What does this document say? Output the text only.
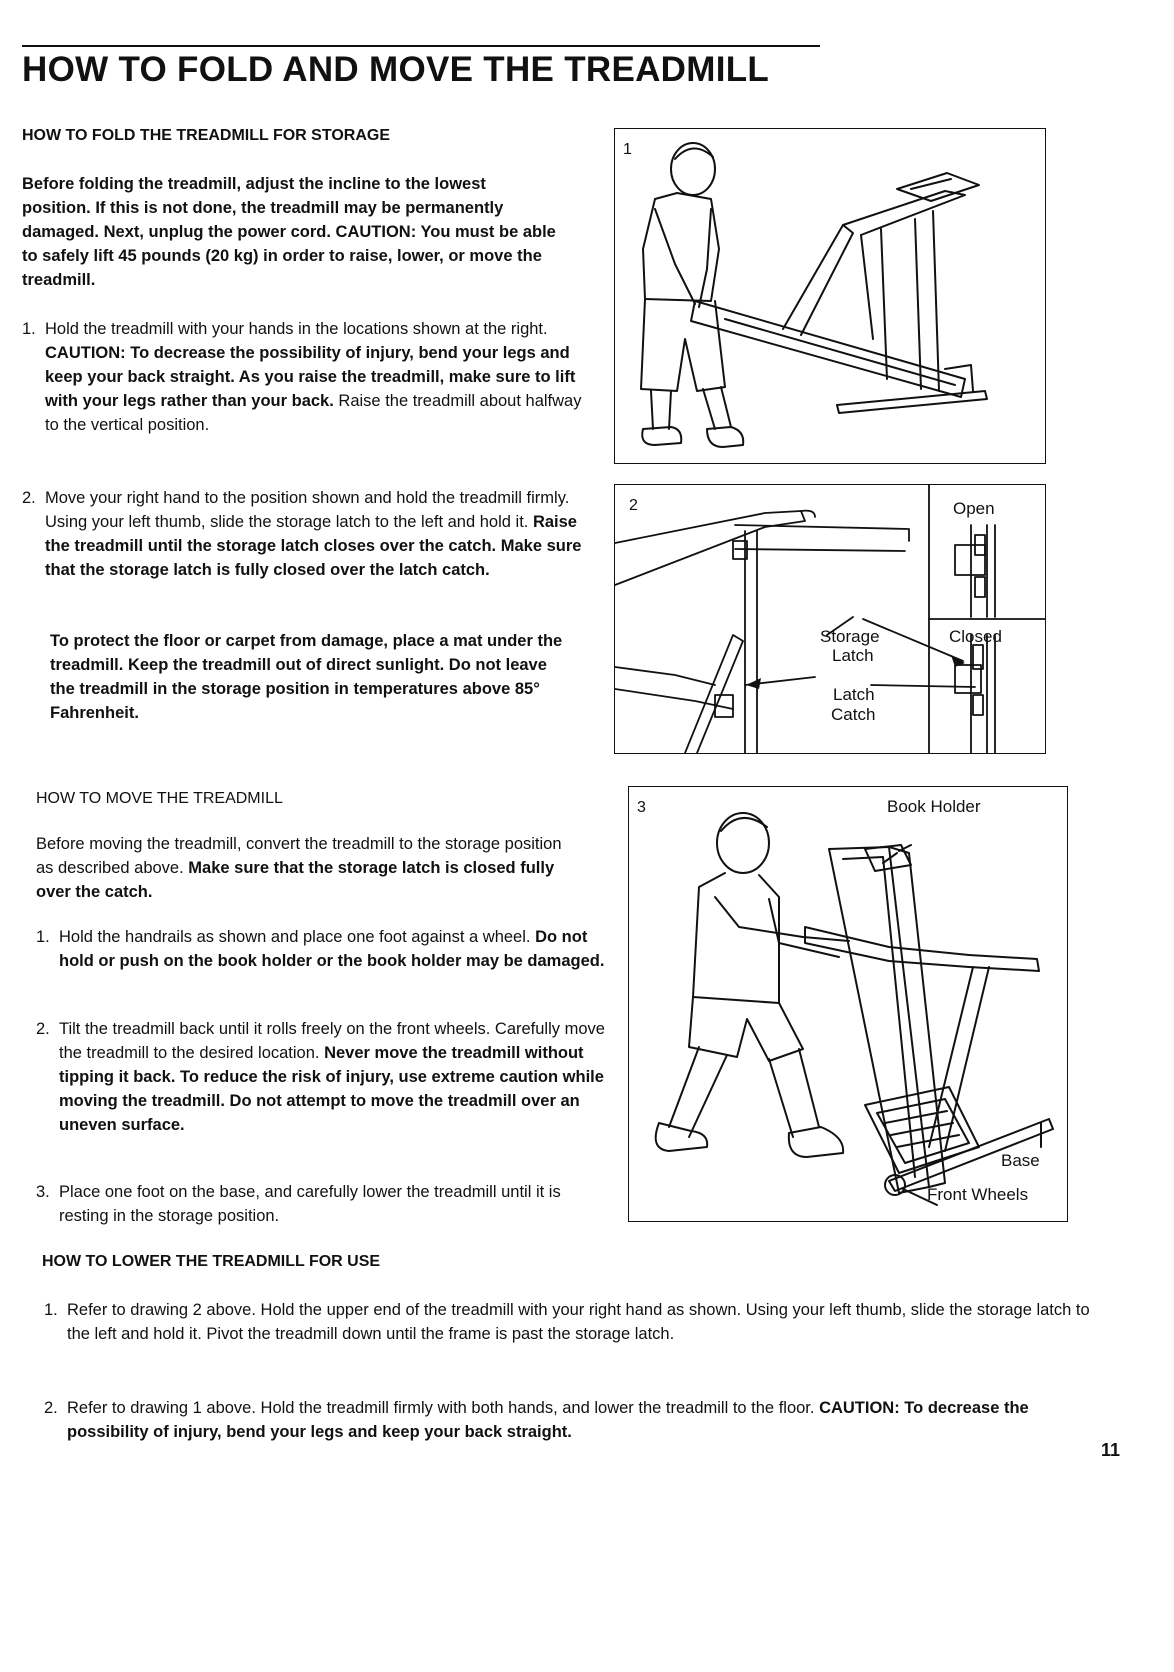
HOW TO FOLD AND MOVE THE TREADMILL
HOW TO FOLD THE TREADMILL FOR STORAGE

Before folding the treadmill, adjust the incline to the lowest position. If this is not done, the treadmill may be permanently damaged. Next, unplug the power cord. CAUTION: You must be able to safely lift 45 pounds (20 kg) in order to raise, lower, or move the treadmill.

1. Hold the treadmill with your hands in the locations shown at the right. CAUTION: To decrease the possibility of injury, bend your legs and keep your back straight. As you raise the treadmill, make sure to lift with your legs rather than your back. Raise the treadmill about halfway to the vertical position.
2. Move your right hand to the position shown and hold the treadmill firmly. Using your left thumb, slide the storage latch to the left and hold it. Raise the treadmill until the storage latch closes over the catch. Make sure that the storage latch is fully closed over the latch catch.

To protect the floor or carpet from damage, place a mat under the treadmill. Keep the treadmill out of direct sunlight. Do not leave the treadmill in the storage position in temperatures above 85° Fahrenheit.

HOW TO MOVE THE TREADMILL
Before moving the treadmill, convert the treadmill to the storage position as described above. Make sure that the storage latch is closed fully over the catch.
1. Hold the handrails as shown and place one foot against a wheel. Do not hold or push on the book holder or the book holder may be damaged.
2. Tilt the treadmill back until it rolls freely on the front wheels. Carefully move the treadmill to the desired location. Never move the treadmill without tipping it back. To reduce the risk of injury, use extreme caution while moving the treadmill. Do not attempt to move the treadmill over an uneven surface.
3. Place one foot on the base, and carefully lower the treadmill until it is resting in the storage position.
HOW TO LOWER THE TREADMILL FOR USE
1. Refer to drawing 2 above. Hold the upper end of the treadmill with your right hand as shown. Using your left thumb, slide the storage latch to the left and hold it. Pivot the treadmill down until the frame is past the storage latch.
2. Refer to drawing 1 above. Hold the treadmill firmly with both hands, and lower the treadmill to the floor. CAUTION: To decrease the possibility of injury, bend your legs and keep your back straight.
11
1
2	Open
Closed
Storage
Latch
Latch
Catch
3	Book Holder
Base
Front Wheels
